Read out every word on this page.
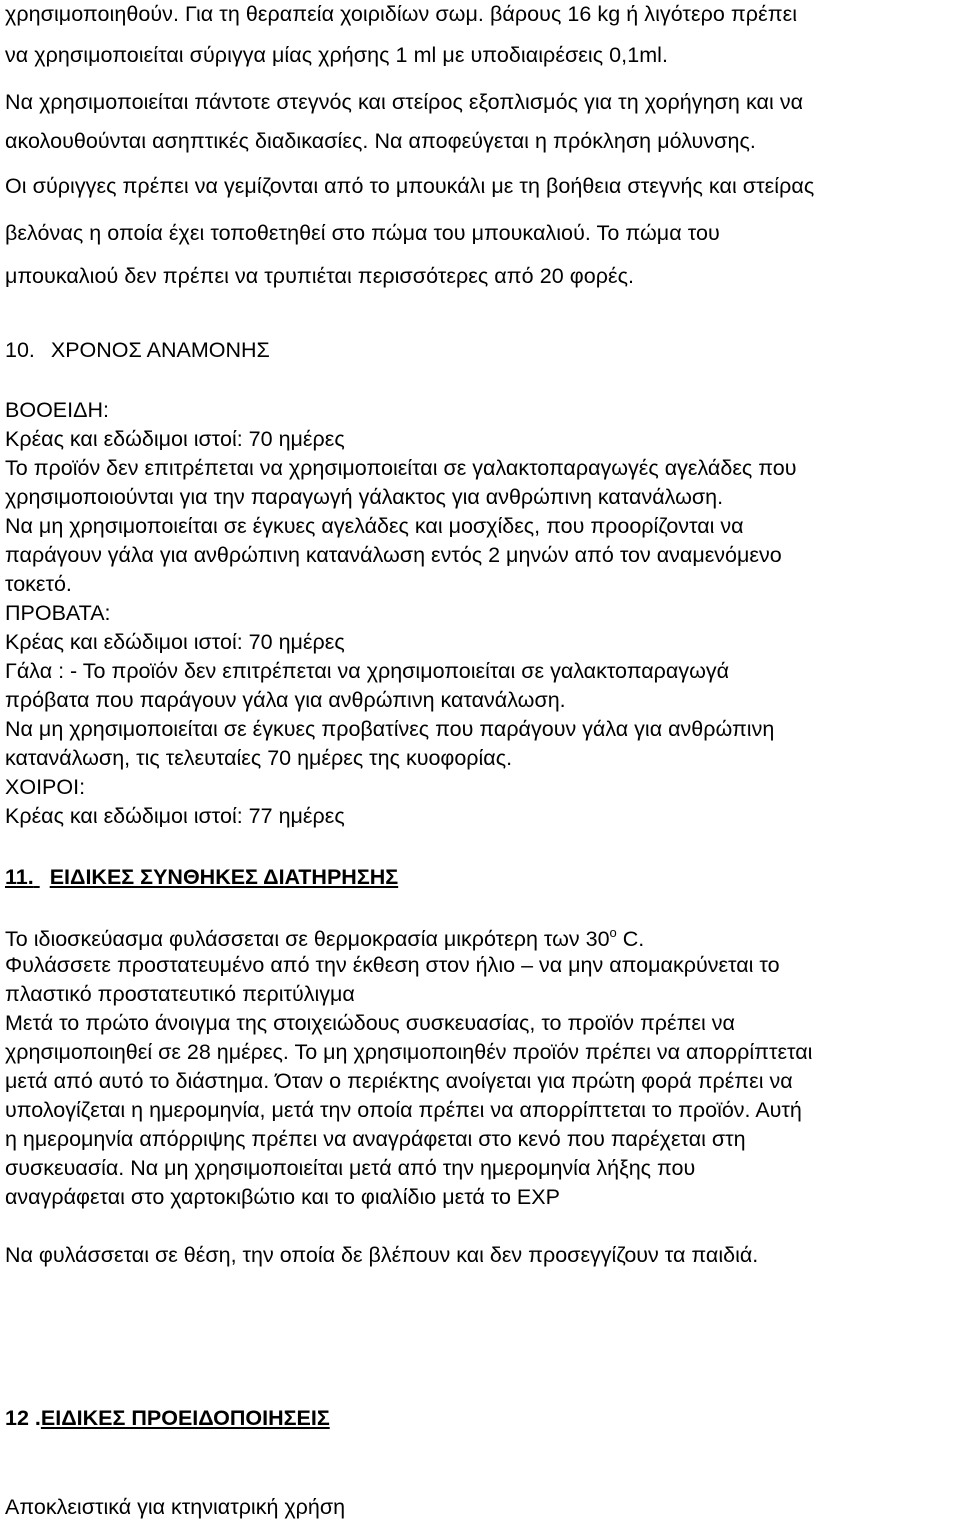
χρησιμοποιηθούν. Για τη θεραπεία χοιριδίων σωμ. βάρους 16 kg ή λιγότερο πρέπει
να χρησιμοποιείται σύριγγα μίας χρήσης 1 ml με υποδιαιρέσεις 0,1ml.
Να χρησιμοποιείται πάντοτε στεγνός και στείρος εξοπλισμός για τη χορήγηση και να
ακολουθούνται ασηπτικές διαδικασίες. Να αποφεύγεται η πρόκληση μόλυνσης.
Οι σύριγγες πρέπει να γεμίζονται από το μπουκάλι με τη βοήθεια στεγνής και στείρας
βελόνας η οποία έχει τοποθετηθεί στο πώμα του μπουκαλιού. Το πώμα του
μπουκαλιού δεν πρέπει να τρυπιέται περισσότερες από 20 φορές.
10. ΧΡΟΝΟΣ ΑΝΑΜΟΝΗΣ
ΒΟΟΕΙΔΗ:
Κρέας και εδώδιμοι ιστοί: 70 ημέρες
Το προϊόν δεν επιτρέπεται να χρησιμοποιείται σε γαλακτοπαραγωγές αγελάδες που
χρησιμοποιούνται για την παραγωγή γάλακτος για ανθρώπινη κατανάλωση.
Να μη χρησιμοποιείται σε έγκυες αγελάδες και μοσχίδες, που προορίζονται να
παράγουν γάλα για ανθρώπινη κατανάλωση εντός 2 μηνών από τον αναμενόμενο
τοκετό.
ΠΡΟΒΑΤΑ:
Κρέας και εδώδιμοι ιστοί: 70 ημέρες
Γάλα : - Το προϊόν δεν επιτρέπεται να χρησιμοποιείται σε γαλακτοπαραγωγά
πρόβατα που παράγουν γάλα για ανθρώπινη κατανάλωση.
Να μη χρησιμοποιείται σε έγκυες προβατίνες που παράγουν γάλα για ανθρώπινη
κατανάλωση, τις τελευταίες 70 ημέρες της κυοφορίας.
ΧΟΙΡΟΙ:
Κρέας και εδώδιμοι ιστοί: 77 ημέρες
11. ΕΙΔΙΚΕΣ ΣΥΝΘΗΚΕΣ ΔΙΑΤΗΡΗΣΗΣ
Το ιδιοσκεύασμα φυλάσσεται σε θερμοκρασία μικρότερη των $30^o$ C.
Φυλάσσετε προστατευμένο από την έκθεση στον ήλιο – να μην απομακρύνεται το
πλαστικό προστατευτικό περιτύλιγμα
Μετά το πρώτο άνοιγμα της στοιχειώδους συσκευασίας, το προϊόν πρέπει να
χρησιμοποιηθεί σε 28 ημέρες. Το μη χρησιμοποιηθέν προϊόν πρέπει να απορρίπτεται
μετά από αυτό το διάστημα. Όταν ο περιέκτης ανοίγεται για πρώτη φορά πρέπει να
υπολογίζεται η ημερομηνία, μετά την οποία πρέπει να απορρίπτεται το προϊόν. Αυτή
η ημερομηνία απόρριψης πρέπει να αναγράφεται στο κενό που παρέχεται στη
συσκευασία. Να μη χρησιμοποιείται μετά από την ημερομηνία λήξης που
αναγράφεται στο χαρτοκιβώτιο και το φιαλίδιο μετά το EXP
Να φυλάσσεται σε θέση, την οποία δε βλέπουν και δεν προσεγγίζουν τα παιδιά.
12 .ΕΙΔΙΚΕΣ ΠΡΟΕΙΔΟΠΟΙΗΣΕΙΣ
Αποκλειστικά για κτηνιατρική χρήση
